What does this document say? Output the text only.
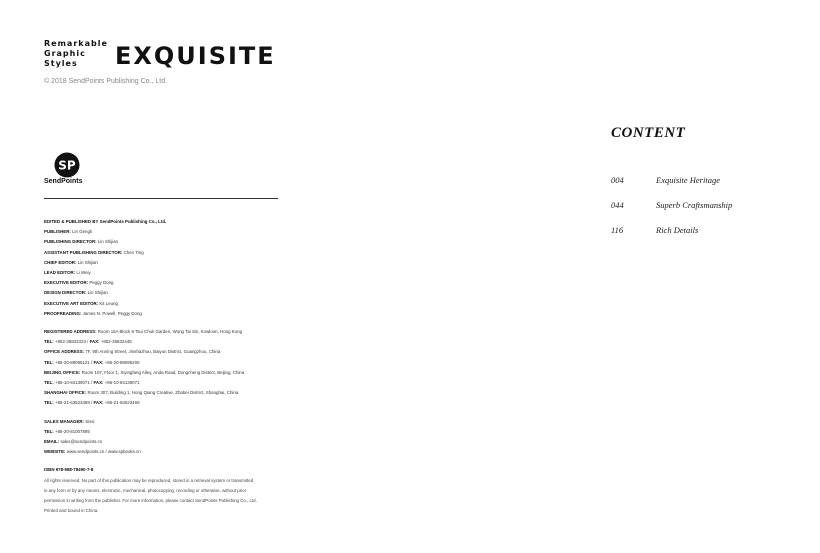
Remarkable
Graphic
Styles	EXQUISITE
© 2018 SendPoints Publishing Co., Ltd.
SP
SendPoints
EDITED & PUBLISHED BY SendPoints Publishing Co., Ltd.
PUBLISHER: Lin Gengli
PUBLISHING DIRECTOR: Lin Shijian
ASSISTANT PUBLISHING DIRECTOR: Chen Ting
CHIEF EDITOR: Lin Shijian
LEAD EDITOR: Li Weiy
EXECUTIVE EDITOR: Peggy Dong
DESIGN DIRECTOR: Lin Shijian
EXECUTIVE ART EDITOR: Kit Leung
PROOFREADING: James N. Powell, Peggy Dong
REGISTERED ADDRESS: Room 15A Block 8 Tsui Chuk Garden, Wong Tai Sin, Kowloon, Hong Kong
TEL: +852-35832323 / FAX: +852-35832448
OFFICE ADDRESS: 7F, 9th Anning Street, Jinshazhou, Baiyun District, Guangzhou, China
TEL: +86-20-89095121 / FAX: +86-20-89095206
BEIJING OFFICE: Room 107, Floor 1, Xiyingfang Alley, Anda Road, Dongcheng District, Beijing, China
TEL: +86-10-84139071 / FAX: +86-10-84139071
SHANGHAI OFFICE: Room 307, Building 1, Hong Qiang Creative, Zhabei District, Shanghai, China
TEL: +86-21-63523469 / FAX: +86-21-63523469
SALES MANAGER: Sissi
TEL: +86-20-81007895
EMAIL: sales@sendpoints.cn
WEBSITE: www.sendpoints.cn / www.spbooks.cn
ISBN 978-988-78490-7-8
All rights reserved. No part of this publication may be reproduced, stored in a retrieval system or transmitted
in any form or by any means, electronic, mechanical, photocopying, recording or otherwise, without prior
permission in writing from the publisher. For more information, please contact SendPoints Publishing Co., Ltd.
Printed and bound in China.
CONTENT
004	Exquisite Heritage
044	Superb Craftsmanship
116	Rich Details
